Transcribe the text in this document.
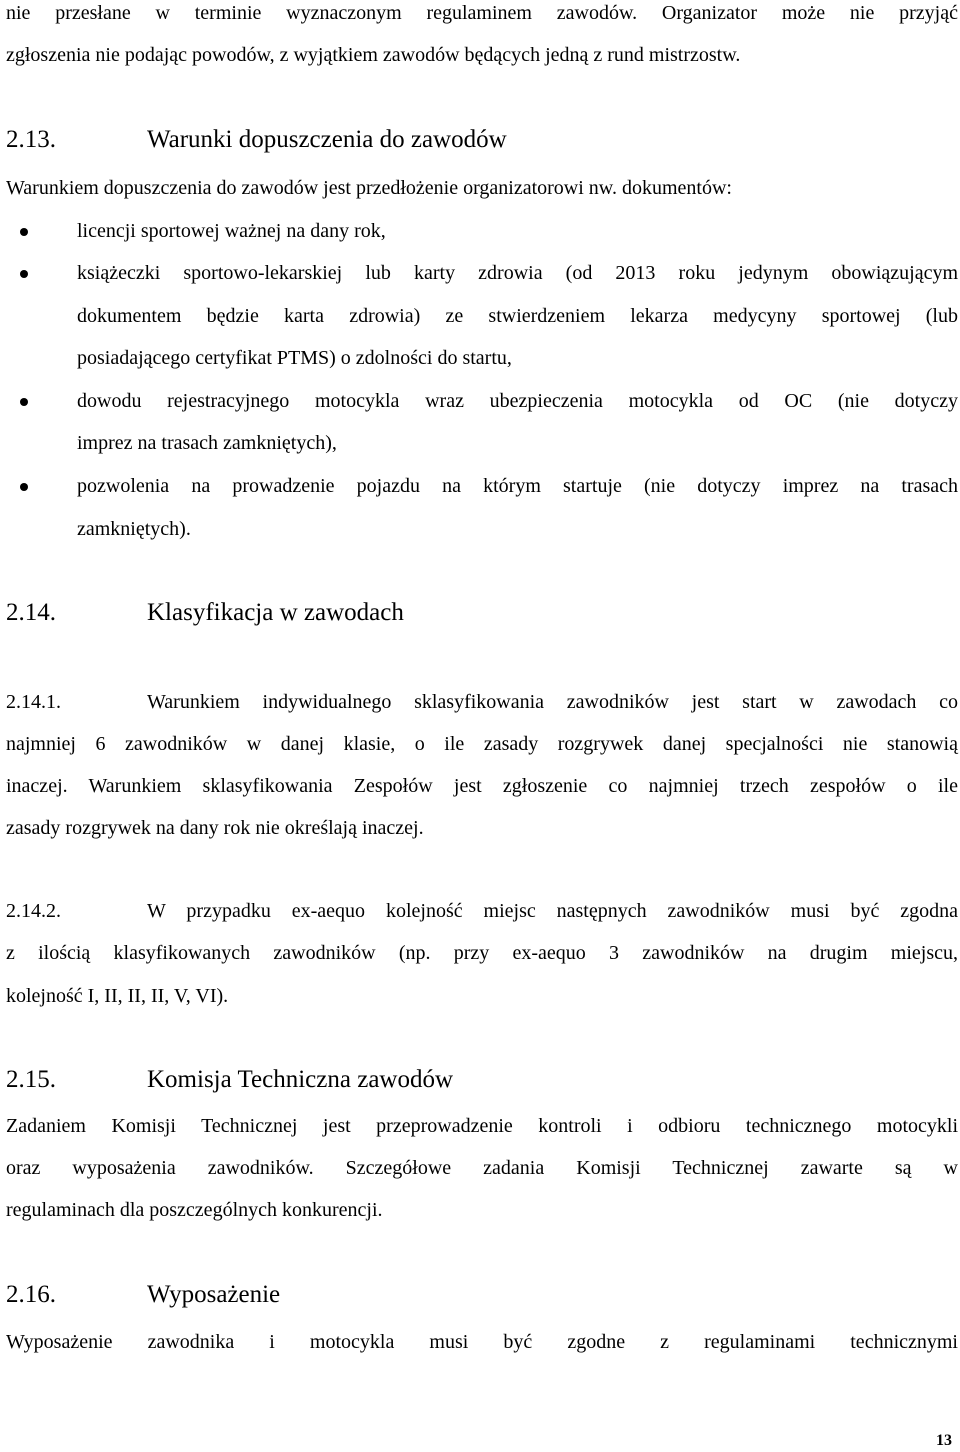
nie przesłane w terminie wyznaczonym regulaminem zawodów. Organizator może nie przyjąć
zgłoszenia nie podając powodów, z wyjątkiem zawodów będących jedną z rund mistrzostw.
2.13.	Warunki dopuszczenia do zawodów
Warunkiem dopuszczenia do zawodów jest przedłożenie organizatorowi nw. dokumentów:
licencji sportowej ważnej na dany rok,
książeczki sportowo-lekarskiej lub karty zdrowia (od 2013 roku jedynym obowiązującym
dokumentem będzie karta zdrowia) ze stwierdzeniem lekarza medycyny sportowej (lub
posiadającego certyfikat PTMS) o zdolności do startu,
dowodu rejestracyjnego motocykla wraz ubezpieczenia motocykla od OC (nie dotyczy
imprez na trasach zamkniętych),
pozwolenia na prowadzenie pojazdu na którym startuje (nie dotyczy imprez na trasach
zamkniętych).
2.14.	Klasyfikacja w zawodach
2.14.1.	Warunkiem indywidualnego sklasyfikowania zawodników jest start w zawodach co
najmniej 6 zawodników w danej klasie, o ile zasady rozgrywek danej specjalności nie stanowią
inaczej. Warunkiem sklasyfikowania Zespołów jest zgłoszenie co najmniej trzech zespołów o ile
zasady rozgrywek na dany rok nie określają inaczej.
2.14.2.	W przypadku ex-aequo kolejność miejsc następnych zawodników musi być zgodna
z ilością klasyfikowanych zawodników (np. przy ex-aequo 3 zawodników na drugim miejscu,
kolejność I, II, II, II, V, VI).
2.15.	Komisja Techniczna zawodów
Zadaniem Komisji Technicznej jest przeprowadzenie kontroli i odbioru technicznego motocykli
oraz wyposażenia zawodników. Szczegółowe zadania Komisji Technicznej zawarte są w
regulaminach dla poszczególnych konkurencji.
2.16.	Wyposażenie
Wyposażenie zawodnika i motocykla musi być zgodne z regulaminami technicznymi
13
